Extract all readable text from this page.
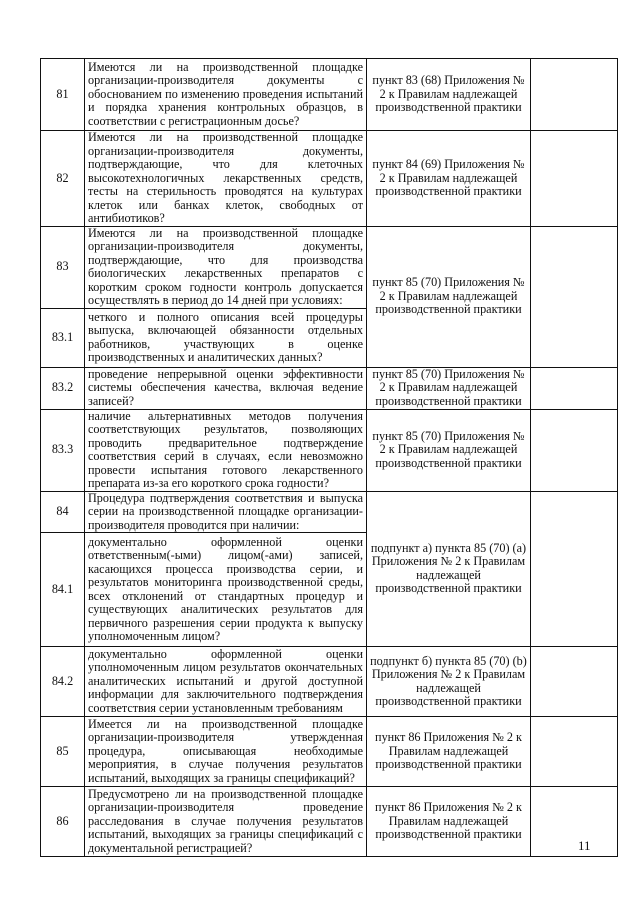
81	Имеются ли на производственной площадке организации-производителя документы с обоснованием по изменению проведения испытаний и порядка хранения контрольных образцов, в соответствии с регистрационным досье?	пункт 83 (68) Приложения № 2 к Правилам надлежащей производственной практики	
82	Имеются ли на производственной площадке организации-производителя документы, подтверждающие, что для клеточных высокотехнологичных лекарственных средств, тесты на стерильность проводятся на культурах клеток или банках клеток, свободных от антибиотиков?	пункт 84 (69) Приложения № 2 к Правилам надлежащей производственной практики	
83	Имеются ли на производственной площадке организации-производителя документы, подтверждающие, что для производства биологических лекарственных препаратов с коротким сроком годности контроль допускается осуществлять в период до 14 дней при условиях:	пункт 85 (70) Приложения № 2 к Правилам надлежащей производственной практики	
83.1	четкого и полного описания всей процедуры выпуска, включающей обязанности отдельных работников, участвующих в оценке производственных и аналитических данных?		
83.2	проведение непрерывной оценки эффективности системы обеспечения качества, включая ведение записей?	пункт 85 (70) Приложения № 2 к Правилам надлежащей производственной практики	
83.3	наличие альтернативных методов получения соответствующих результатов, позволяющих проводить предварительное подтверждение соответствия серий в случаях, если невозможно провести испытания готового лекарственного препарата из-за его короткого срока годности?	пункт 85 (70) Приложения № 2 к Правилам надлежащей производственной практики	
84	Процедура подтверждения соответствия и выпуска серии на производственной площадке организации-производителя проводится при наличии:	подпункт а) пункта 85 (70) (а) Приложения № 2 к Правилам надлежащей производственной практики	
84.1	документально оформленной оценки ответственным(-ыми) лицом(-ами) записей, касающихся процесса производства серии, и результатов мониторинга производственной среды, всех отклонений от стандартных процедур и существующих аналитических результатов для первичного разрешения серии продукта к выпуску уполномоченным лицом?		
84.2	документально оформленной оценки уполномоченным лицом результатов окончательных аналитических испытаний и другой доступной информации для заключительного подтверждения соответствия серии установленным требованиям	подпункт б) пункта 85 (70) (b) Приложения № 2 к Правилам надлежащей производственной практики	
85	Имеется ли на производственной площадке организации-производителя утвержденная процедура, описывающая необходимые мероприятия, в случае получения результатов испытаний, выходящих за границы спецификаций?	пункт 86 Приложения № 2 к Правилам надлежащей производственной практики	
86	Предусмотрено ли на производственной площадке организации-производителя проведение расследования в случае получения результатов испытаний, выходящих за границы спецификаций с документальной регистрацией?	пункт 86 Приложения № 2 к Правилам надлежащей производственной практики	
11
